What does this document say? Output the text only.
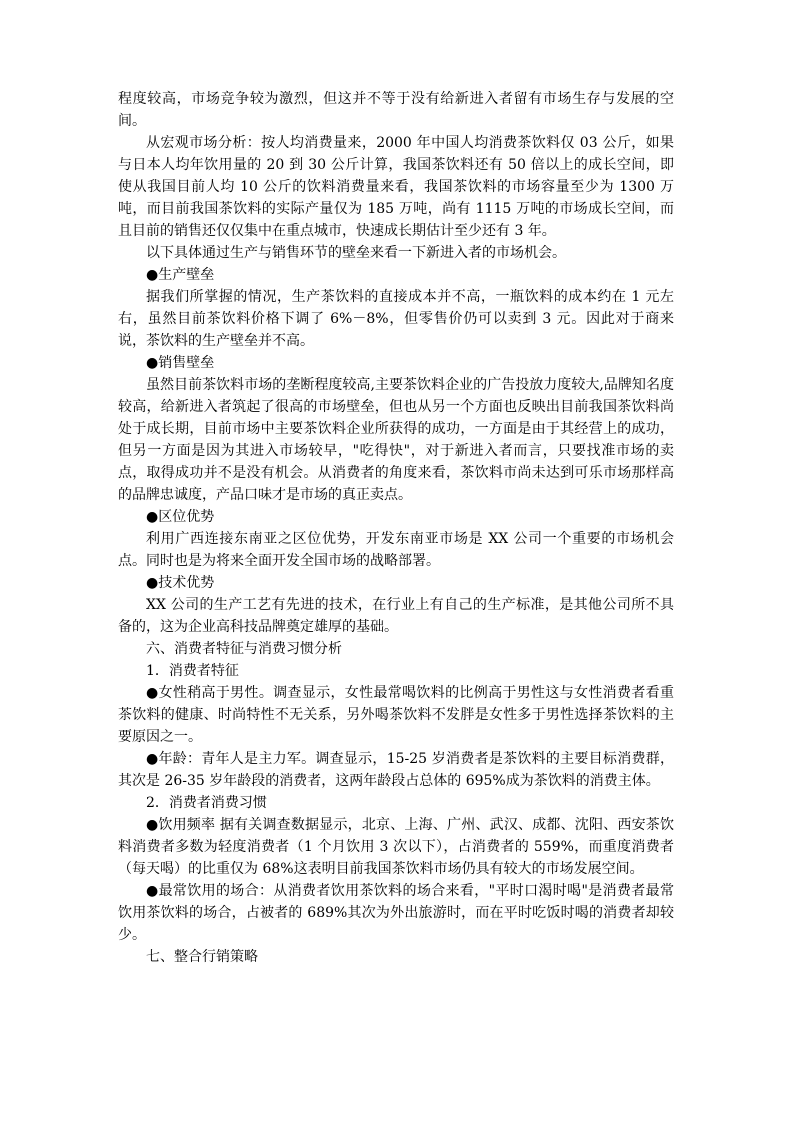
程度较高，市场竞争较为激烈，但这并不等于没有给新进入者留有市场生存与发展的空间。

从宏观市场分析：按人均消费量来，2000 年中国人均消费茶饮料仅 03 公斤，如果与日本人均年饮用量的 20 到 30 公斤计算，我国茶饮料还有 50 倍以上的成长空间，即使从我国目前人均 10 公斤的饮料消费量来看，我国茶饮料的市场容量至少为 1300 万吨，而目前我国茶饮料的实际产量仅为 185 万吨，尚有 1115 万吨的市场成长空间，而且目前的销售还仅仅集中在重点城市，快速成长期估计至少还有 3 年。

以下具体通过生产与销售环节的壁垒来看一下新进入者的市场机会。

●生产壁垒

据我们所掌握的情况，生产茶饮料的直接成本并不高，一瓶饮料的成本约在 1 元左右，虽然目前茶饮料价格下调了 6%－8%，但零售价仍可以卖到 3 元。因此对于商来说，茶饮料的生产壁垒并不高。

●销售壁垒

虽然目前茶饮料市场的垄断程度较高,主要茶饮料企业的广告投放力度较大,品牌知名度较高，给新进入者筑起了很高的市场壁垒，但也从另一个方面也反映出目前我国茶饮料尚处于成长期，目前市场中主要茶饮料企业所获得的成功，一方面是由于其经营上的成功，但另一方面是因为其进入市场较早，"吃得快"，对于新进入者而言，只要找准市场的卖点，取得成功并不是没有机会。从消费者的角度来看，茶饮料市尚未达到可乐市场那样高的品牌忠诚度，产品口味才是市场的真正卖点。

●区位优势

利用广西连接东南亚之区位优势，开发东南亚市场是 XX 公司一个重要的市场机会点。同时也是为将来全面开发全国市场的战略部署。

●技术优势

XX 公司的生产工艺有先进的技术，在行业上有自己的生产标准，是其他公司所不具备的，这为企业高科技品牌奠定雄厚的基础。

六、消费者特征与消费习惯分析

1．消费者特征

●女性稍高于男性。调查显示，女性最常喝饮料的比例高于男性这与女性消费者看重茶饮料的健康、时尚特性不无关系，另外喝茶饮料不发胖是女性多于男性选择茶饮料的主要原因之一。

●年龄：青年人是主力军。调查显示，15-25 岁消费者是茶饮料的主要目标消费群，其次是 26-35 岁年龄段的消费者，这两年龄段占总体的 695%成为茶饮料的消费主体。

2．消费者消费习惯

●饮用频率 据有关调查数据显示，北京、上海、广州、武汉、成都、沈阳、西安茶饮料消费者多数为轻度消费者（1 个月饮用 3 次以下），占消费者的 559%，而重度消费者（每天喝）的比重仅为 68%这表明目前我国茶饮料市场仍具有较大的市场发展空间。

●最常饮用的场合：从消费者饮用茶饮料的场合来看，"平时口渴时喝"是消费者最常饮用茶饮料的场合，占被者的 689%其次为外出旅游时，而在平时吃饭时喝的消费者却较少。

七、整合行销策略
